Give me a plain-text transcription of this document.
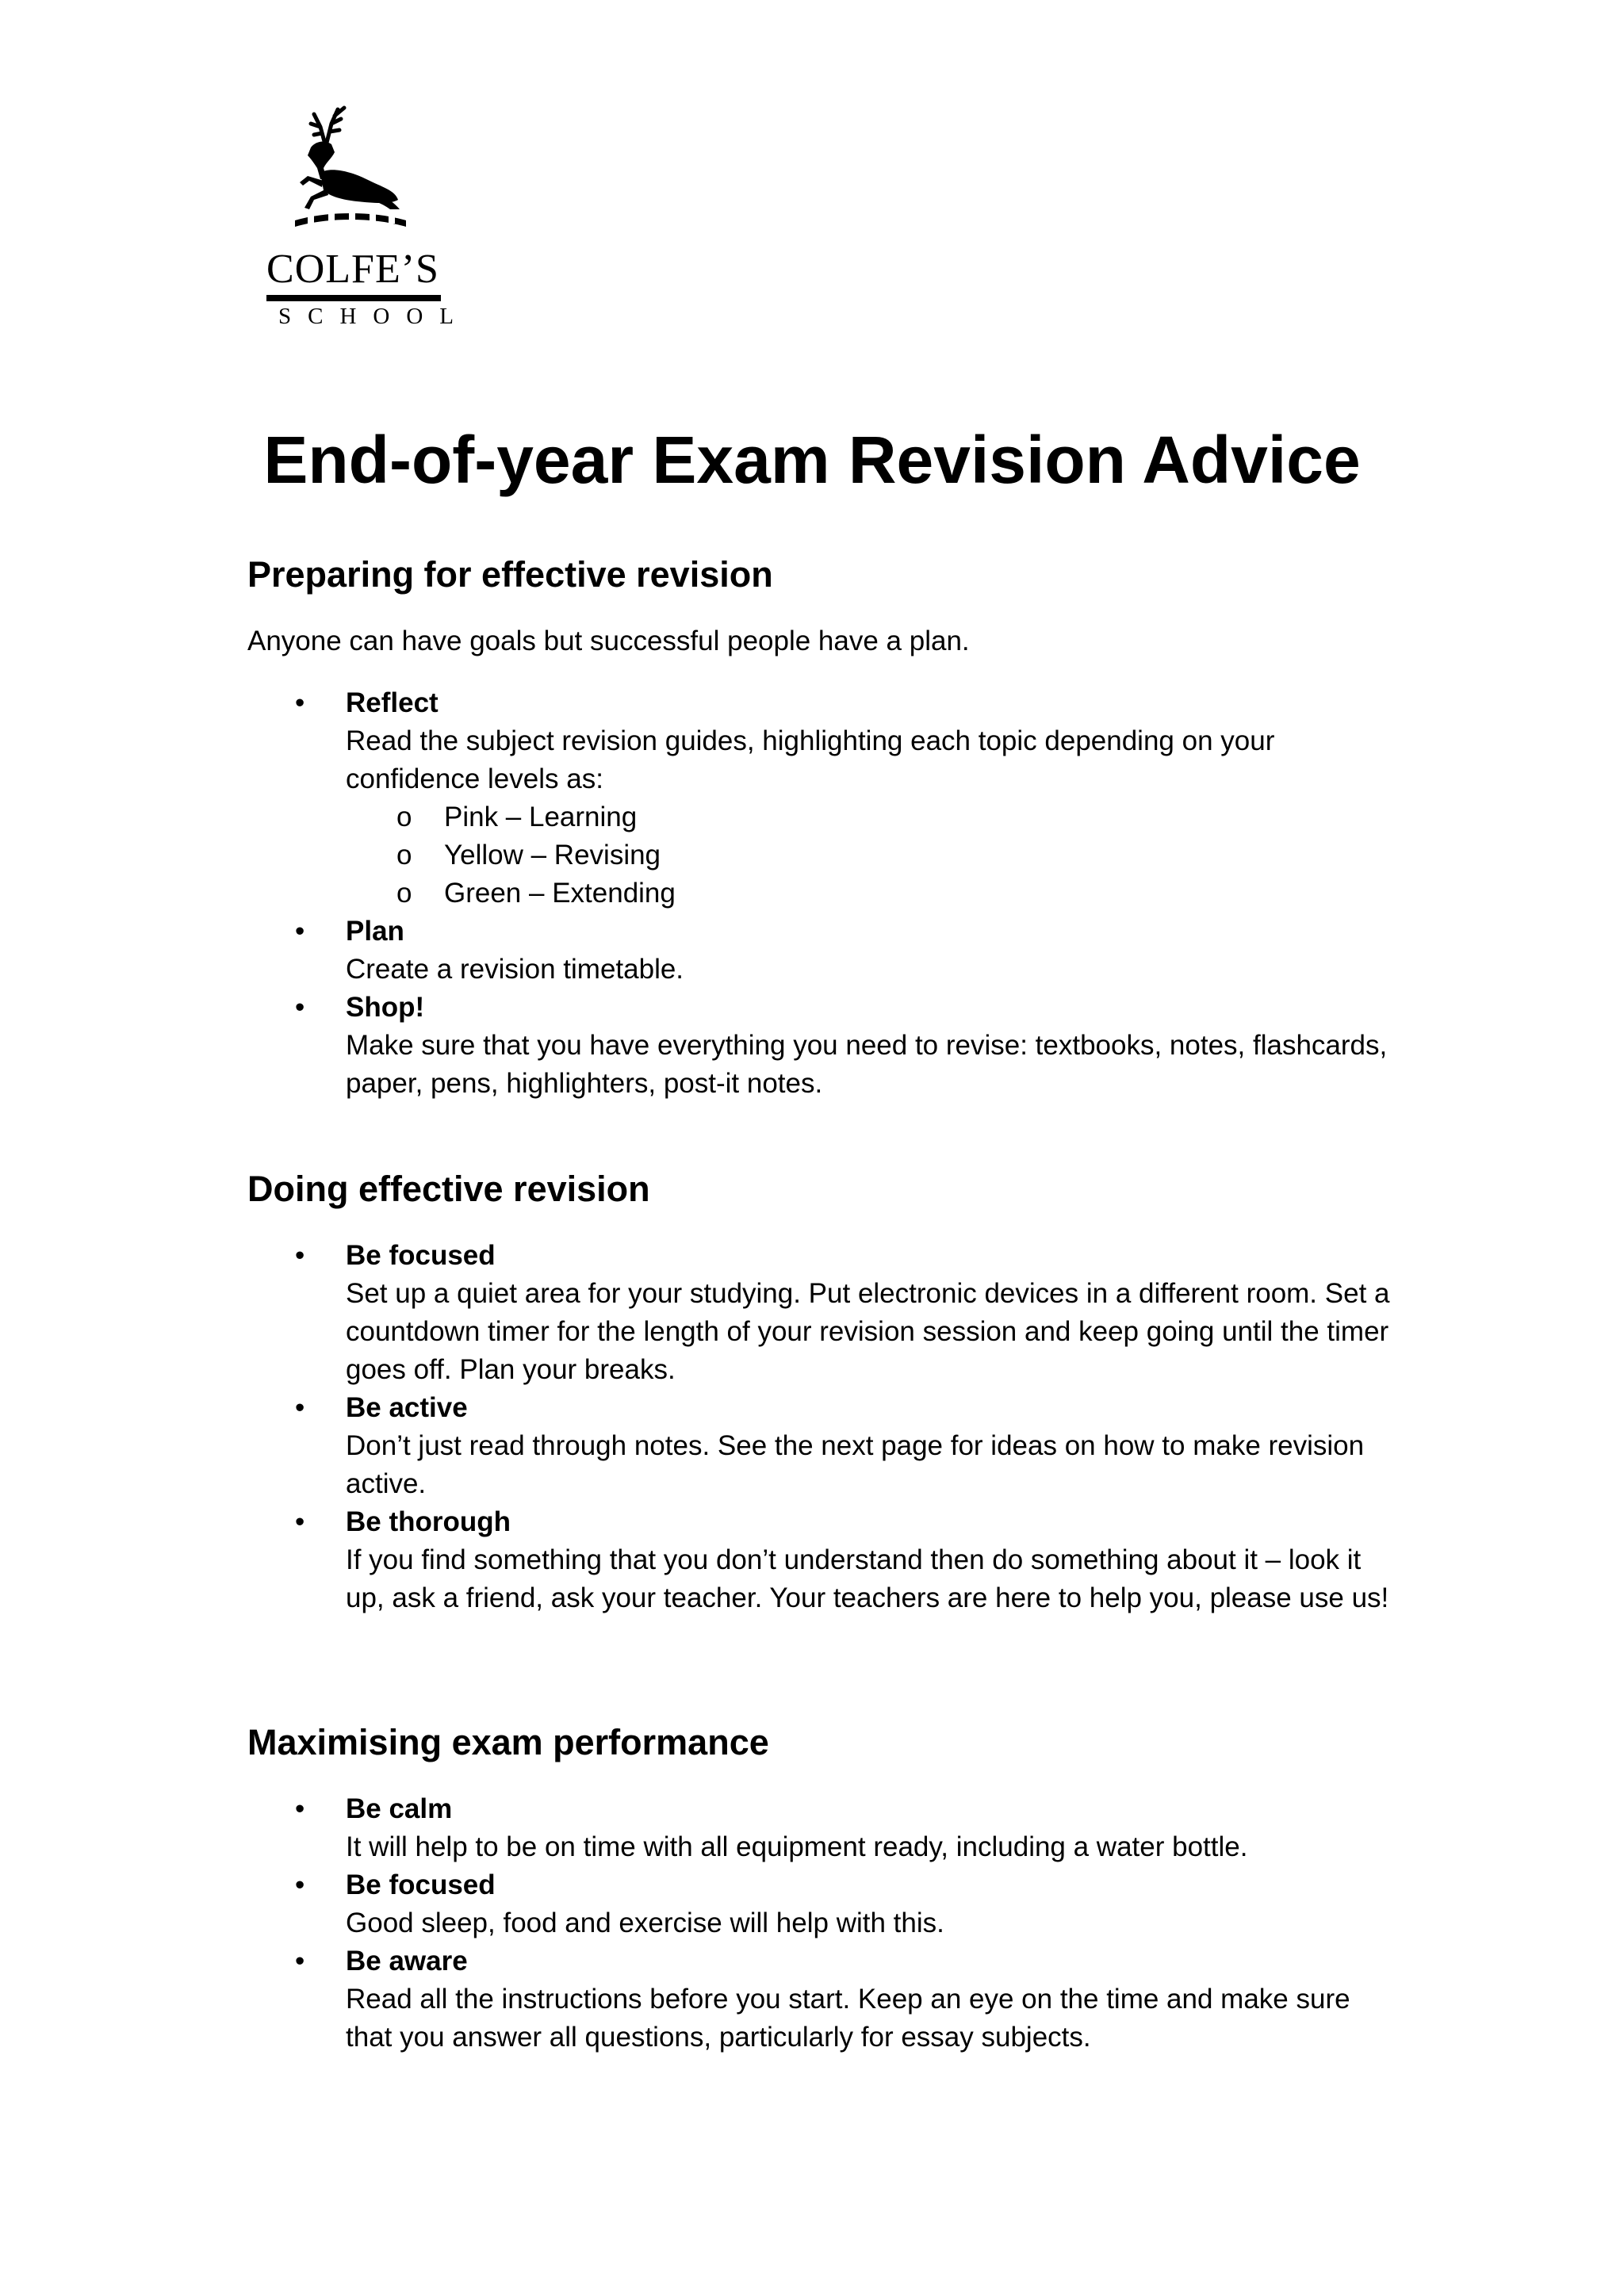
COLFE’S
SCHOOL
End-of-year Exam Revision Advice
Preparing for effective revision

Anyone can have goals but successful people have a plan.

• Reflect
Read the subject revision guides, highlighting each topic depending on your confidence levels as:
o Pink – Learning
o Yellow – Revising
o Green – Extending
• Plan
Create a revision timetable.
• Shop!
Make sure that you have everything you need to revise: textbooks, notes, flashcards, paper, pens, highlighters, post-it notes.
Doing effective revision
• Be focused
Set up a quiet area for your studying. Put electronic devices in a different room. Set a countdown timer for the length of your revision session and keep going until the timer goes off. Plan your breaks.
• Be active
Don’t just read through notes. See the next page for ideas on how to make revision active.
• Be thorough
If you find something that you don’t understand then do something about it – look it up, ask a friend, ask your teacher. Your teachers are here to help you, please use us!
Maximising exam performance
• Be calm
It will help to be on time with all equipment ready, including a water bottle.
• Be focused
Good sleep, food and exercise will help with this.
• Be aware
Read all the instructions before you start. Keep an eye on the time and make sure that you answer all questions, particularly for essay subjects.
